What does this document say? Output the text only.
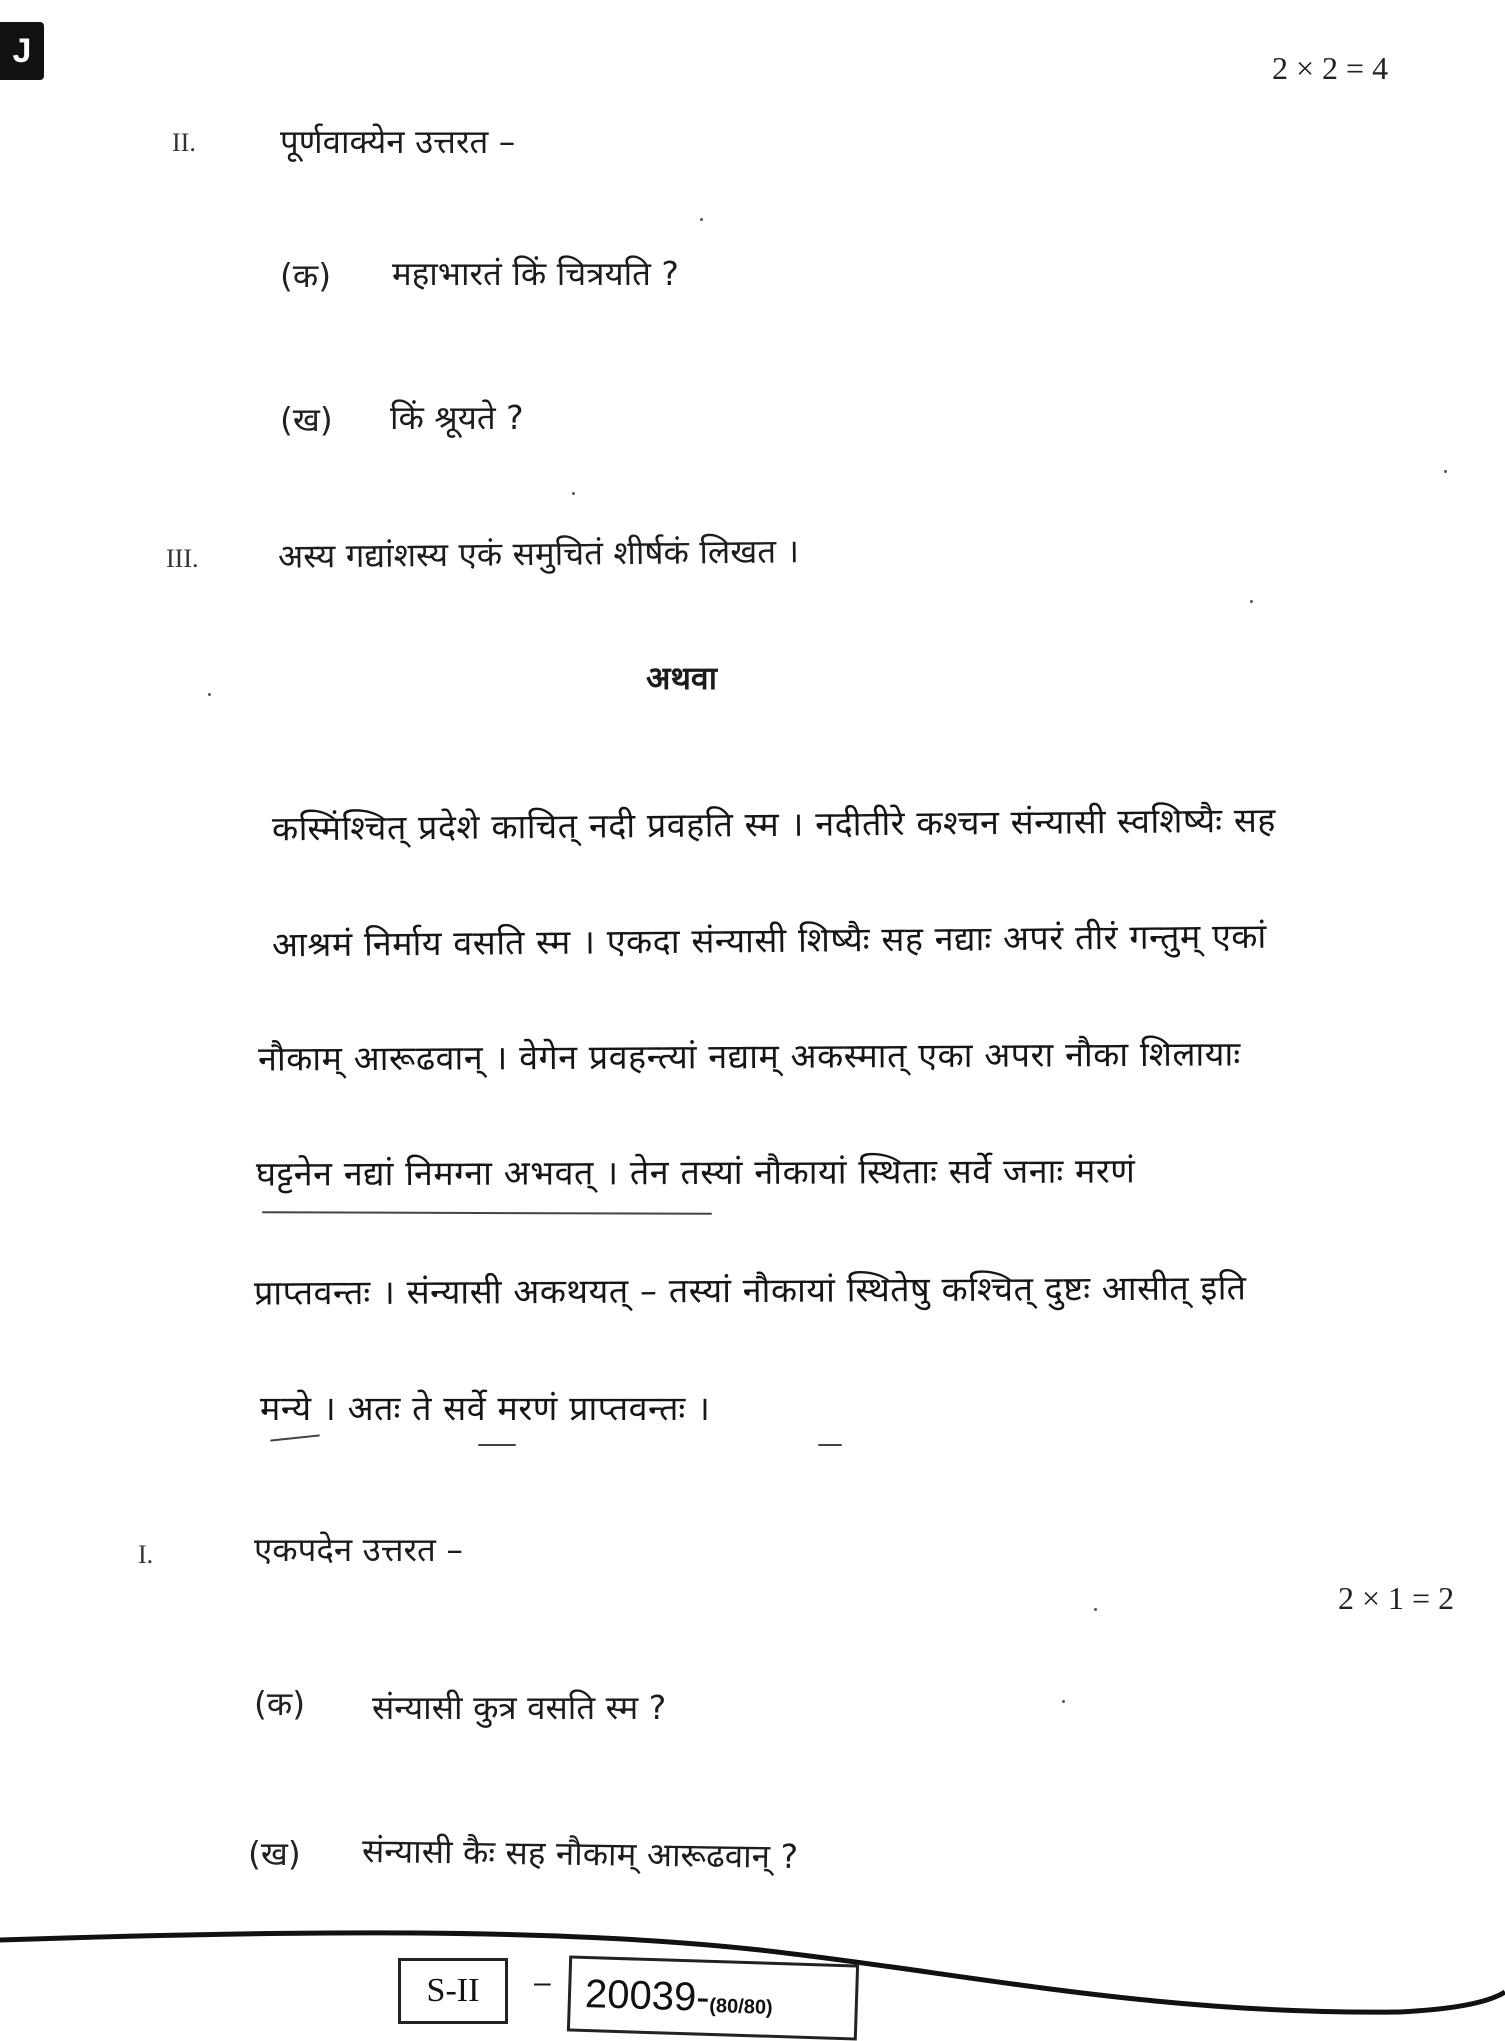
J	2 × 2 = 4
II.	पूर्णवाक्येन उत्तरत –
(क) महाभारतं किं चित्रयति ?
(ख) किं श्रूयते ?
III. अस्य गद्यांशस्य एकं समुचितं शीर्षकं लिखत ।
अथवा
कस्मिंश्चित् प्रदेशे काचित् नदी प्रवहति स्म । नदीतीरे कश्चन संन्यासी स्वशिष्यैः सह
आश्रमं निर्माय वसति स्म । एकदा संन्यासी शिष्यैः सह नद्याः अपरं तीरं गन्तुम् एकां
नौकाम् आरूढवान् । वेगेन प्रवहन्त्यां नद्याम् अकस्मात् एका अपरा नौका शिलायाः
घट्टनेन नद्यां निमग्ना अभवत् । तेन तस्यां नौकायां स्थिताः सर्वे जनाः मरणं
प्राप्तवन्तः । संन्यासी अकथयत् – तस्यां नौकायां स्थितेषु कश्चित् दुष्टः आसीत् इति
मन्ये । अतः ते सर्वे मरणं प्राप्तवन्तः ।
I.	एकपदेन उत्तरत –
2 × 1 = 2
(क) संन्यासी कुत्र वसति स्म ?
(ख) संन्यासी कैः सह नौकाम् आरूढवान् ?
S-II – 20039-
(80/80)
